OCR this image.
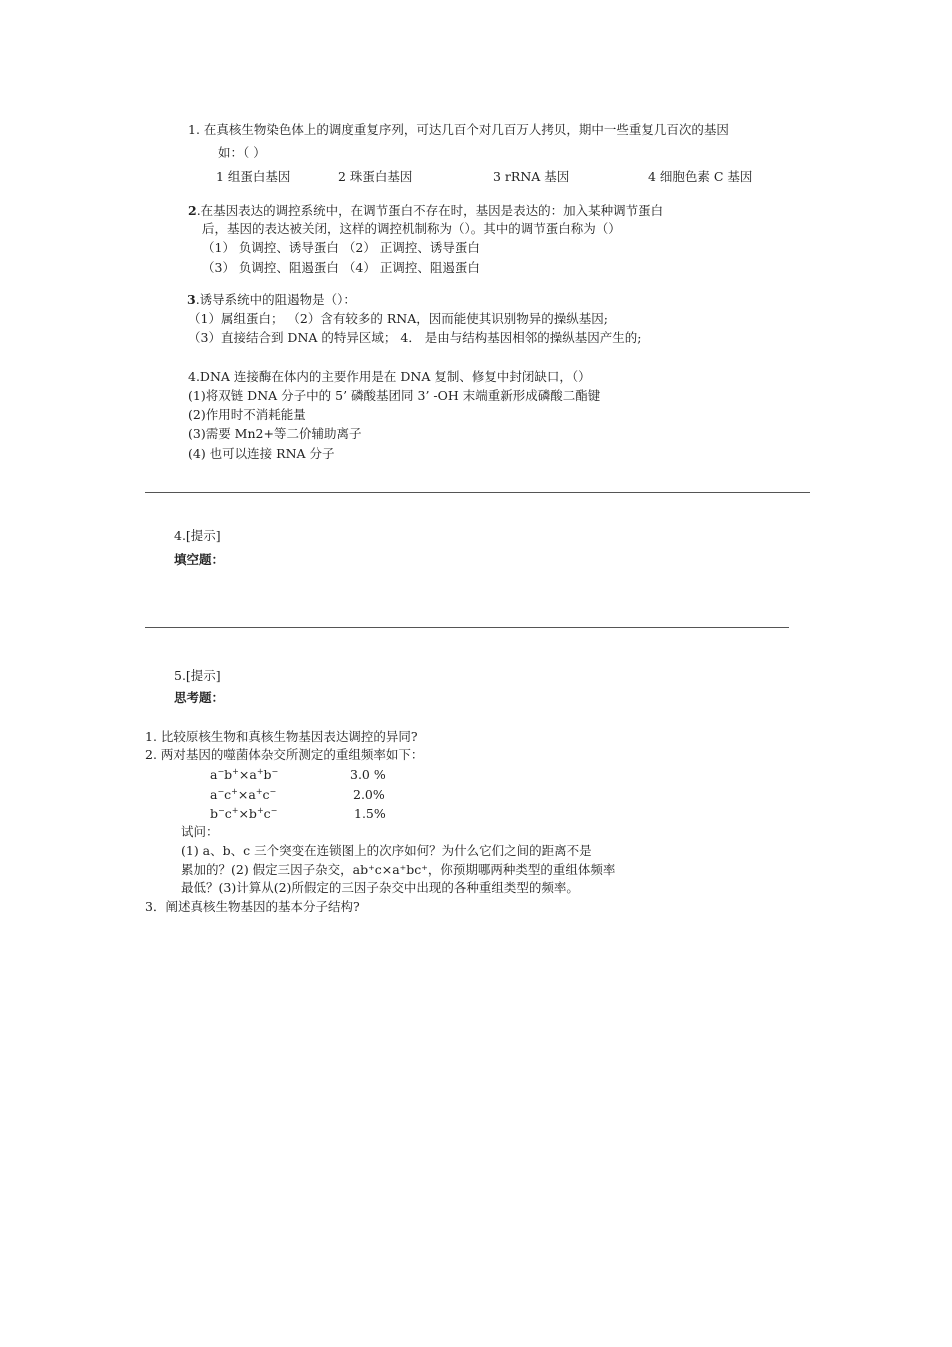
1. 在真核生物染色体上的调度重复序列，可达几百个对几百万人拷贝，期中一些重复几百次的基因
如：（ ）
1 组蛋白基因	2 珠蛋白基因	3 rRNA 基因	4 细胞色素 C 基因
2.在基因表达的调控系统中，在调节蛋白不存在时，基因是表达的：加入某种调节蛋白
后，基因的表达被关闭，这样的调控机制称为（）。其中的调节蛋白称为（）
（1） 负调控、诱导蛋白 （2） 正调控、诱导蛋白
（3） 负调控、阻遏蛋白 （4） 正调控、阻遏蛋白
3.诱导系统中的阻遏物是（）：
（1）属组蛋白； （2）含有较多的 RNA，因而能使其识别物异的操纵基因;
（3）直接结合到 DNA 的特异区域； 4． 是由与结构基因相邻的操纵基因产生的;
4.DNA 连接酶在体内的主要作用是在 DNA 复制、修复中封闭缺口，（）
(1)将双链 DNA 分子中的 5’ 磷酸基团同 3’ -OH 末端重新形成磷酸二酯键
(2)作用时不消耗能量
(3)需要 Mn2+等二价辅助离子
(4) 也可以连接 RNA 分子
4.[提示]
填空题：
5.[提示]
思考题：
1. 比较原核生物和真核生物基因表达调控的异同?
2. 两对基因的噬菌体杂交所测定的重组频率如下：
a−b+×a+b−	3.0 %
a−c+×a+c−	2.0%
b−c+×b+c−	1.5%
试问：
(1) a、b、c 三个突变在连锁图上的次序如何？为什么它们之间的距离不是
累加的？(2) 假定三因子杂交，ab⁺c×a⁺bc⁺，你预期哪两种类型的重组体频率
最低？(3)计算从(2)所假定的三因子杂交中出现的各种重组类型的频率。
3．阐述真核生物基因的基本分子结构?
